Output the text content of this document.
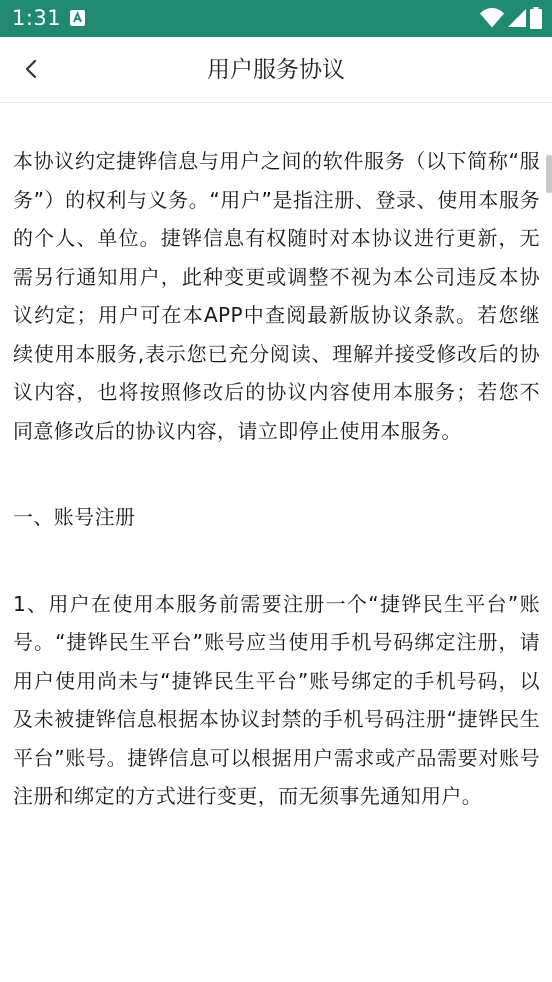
1:31
用户服务协议

本协议约定捷铧信息与用户之间的软件服务（以下简称“服务”）的权利与义务。“用户”是指注册、登录、使用本服务的个人、单位。捷铧信息有权随时对本协议进行更新，无需另行通知用户，此种变更或调整不视为本公司违反本协议约定；用户可在本APP中查阅最新版协议条款。若您继续使用本服务,表示您已充分阅读、理解并接受修改后的协议内容，也将按照修改后的协议内容使用本服务；若您不同意修改后的协议内容，请立即停止使用本服务。

一、账号注册

1、用户在使用本服务前需要注册一个“捷铧民生平台”账号。“捷铧民生平台”账号应当使用手机号码绑定注册，请用户使用尚未与“捷铧民生平台”账号绑定的手机号码，以及未被捷铧信息根据本协议封禁的手机号码注册“捷铧民生平台”账号。捷铧信息可以根据用户需求或产品需要对账号注册和绑定的方式进行变更，而无须事先通知用户。
